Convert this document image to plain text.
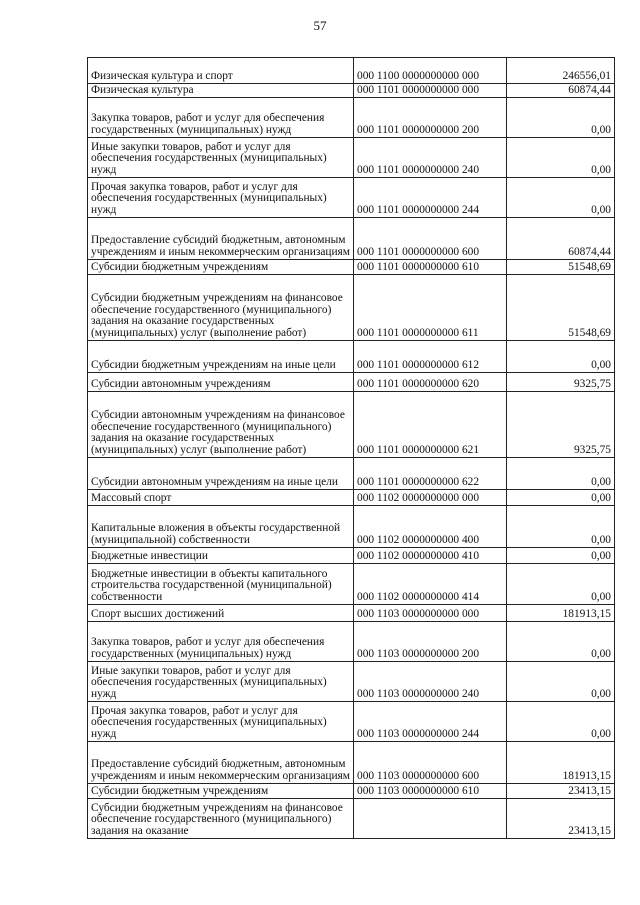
57
Физическая культура и спорт	000 1100 0000000000 000	246556,01
Физическая культура	000 1101 0000000000 000	60874,44
Закупка товаров, работ и услуг для обеспечения государственных (муниципальных) нужд	000 1101 0000000000 200	0,00
Иные закупки товаров, работ и услуг для обеспечения государственных (муниципальных) нужд	000 1101 0000000000 240	0,00
Прочая закупка товаров, работ и услуг для обеспечения государственных (муниципальных) нужд	000 1101 0000000000 244	0,00
Предоставление субсидий бюджетным, автономным учреждениям и иным некоммерческим организациям	000 1101 0000000000 600	60874,44
Субсидии бюджетным учреждениям	000 1101 0000000000 610	51548,69
Субсидии бюджетным учреждениям на финансовое обеспечение государственного (муниципального) задания на оказание государственных (муниципальных) услуг (выполнение работ)	000 1101 0000000000 611	51548,69
Субсидии бюджетным учреждениям на иные цели	000 1101 0000000000 612	0,00
Субсидии автономным учреждениям	000 1101 0000000000 620	9325,75
Субсидии автономным учреждениям на финансовое обеспечение государственного (муниципального) задания на оказание государственных (муниципальных) услуг (выполнение работ)	000 1101 0000000000 621	9325,75
Субсидии автономным учреждениям на иные цели	000 1101 0000000000 622	0,00
Массовый спорт	000 1102 0000000000 000	0,00
Капитальные вложения в объекты государственной (муниципальной) собственности	000 1102 0000000000 400	0,00
Бюджетные инвестиции	000 1102 0000000000 410	0,00
Бюджетные инвестиции в объекты капитального строительства государственной (муниципальной) собственности	000 1102 0000000000 414	0,00
Спорт высших достижений	000 1103 0000000000 000	181913,15
Закупка товаров, работ и услуг для обеспечения государственных (муниципальных) нужд	000 1103 0000000000 200	0,00
Иные закупки товаров, работ и услуг для обеспечения государственных (муниципальных) нужд	000 1103 0000000000 240	0,00
Прочая закупка товаров, работ и услуг для обеспечения государственных (муниципальных) нужд	000 1103 0000000000 244	0,00
Предоставление субсидий бюджетным, автономным учреждениям и иным некоммерческим организациям	000 1103 0000000000 600	181913,15
Субсидии бюджетным учреждениям	000 1103 0000000000 610	23413,15
Субсидии бюджетным учреждениям на финансовое обеспечение государственного (муниципального) задания на оказание		23413,15
